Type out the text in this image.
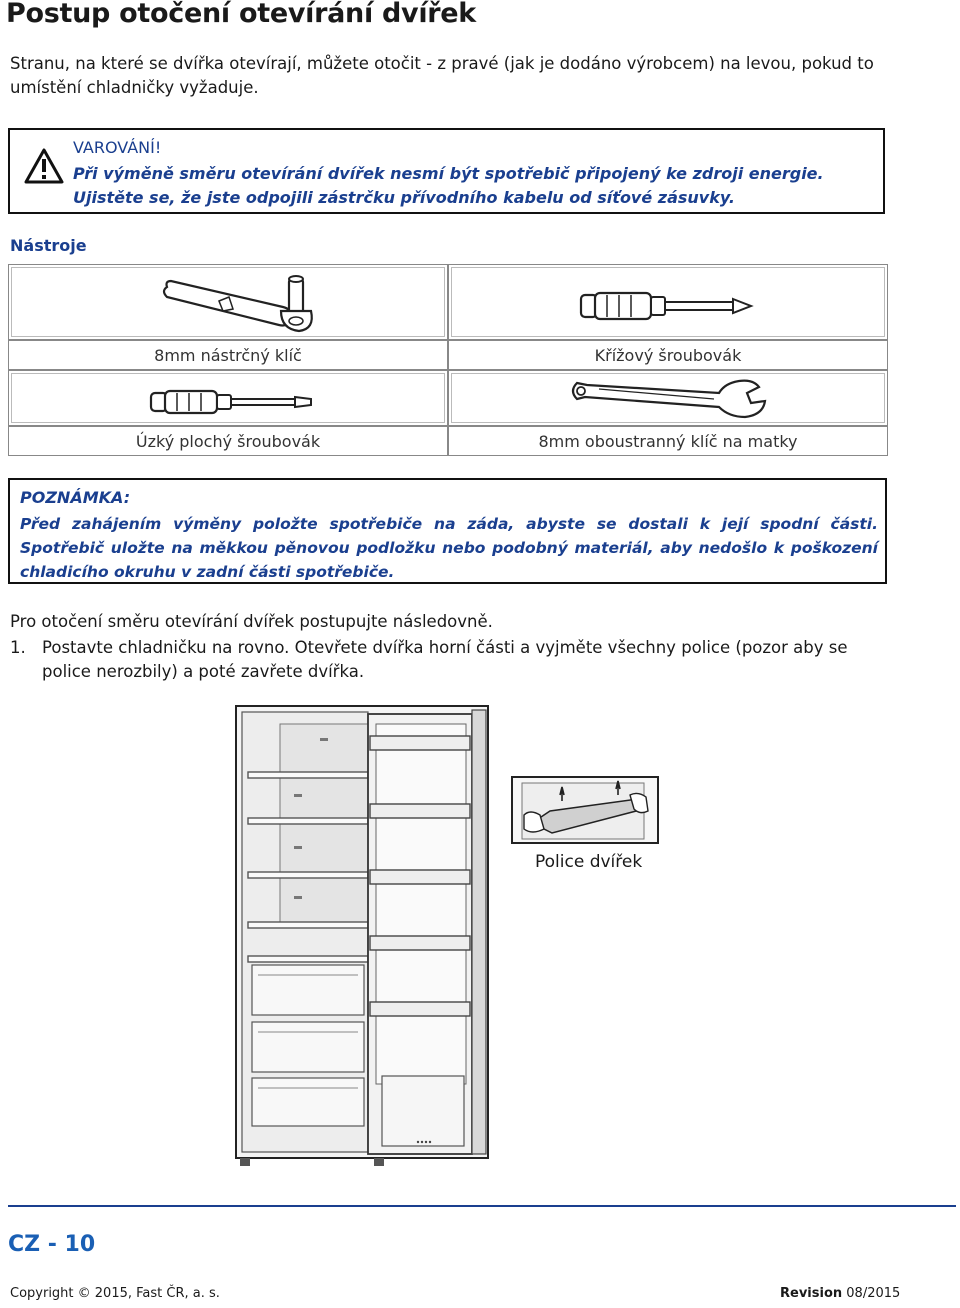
Postup otočení otevírání dvířek
Stranu, na které se dvířka otevírají, můžete otočit - z pravé (jak je dodáno výrobcem) na levou, pokud to umístění chladničky vyžaduje.
VAROVÁNÍ!
Při výměně směru otevírání dvířek nesmí být spotřebič připojený ke zdroji energie. Ujistěte se, že jste odpojili zástrčku přívodního kabelu od síťové zásuvky.
Nástroje
8mm nástrčný klíč	Křížový šroubovák
Úzký plochý šroubovák	8mm oboustranný klíč na matky
POZNÁMKA:
Před zahájením výměny položte spotřebiče na záda, abyste se dostali k její spodní části. Spotřebič uložte na měkkou pěnovou podložku nebo podobný materiál, aby nedošlo k poškození chladicího okruhu v zadní části spotřebiče.
Pro otočení směru otevírání dvířek postupujte následovně.
1. Postavte chladničku na rovno. Otevřete dvířka horní části a vyjměte všechny police (pozor aby se police nerozbily) a poté zavřete dvířka.
Police dvířek
CZ - 10
Copyright © 2015, Fast ČR, a. s.	Revision 08/2015
